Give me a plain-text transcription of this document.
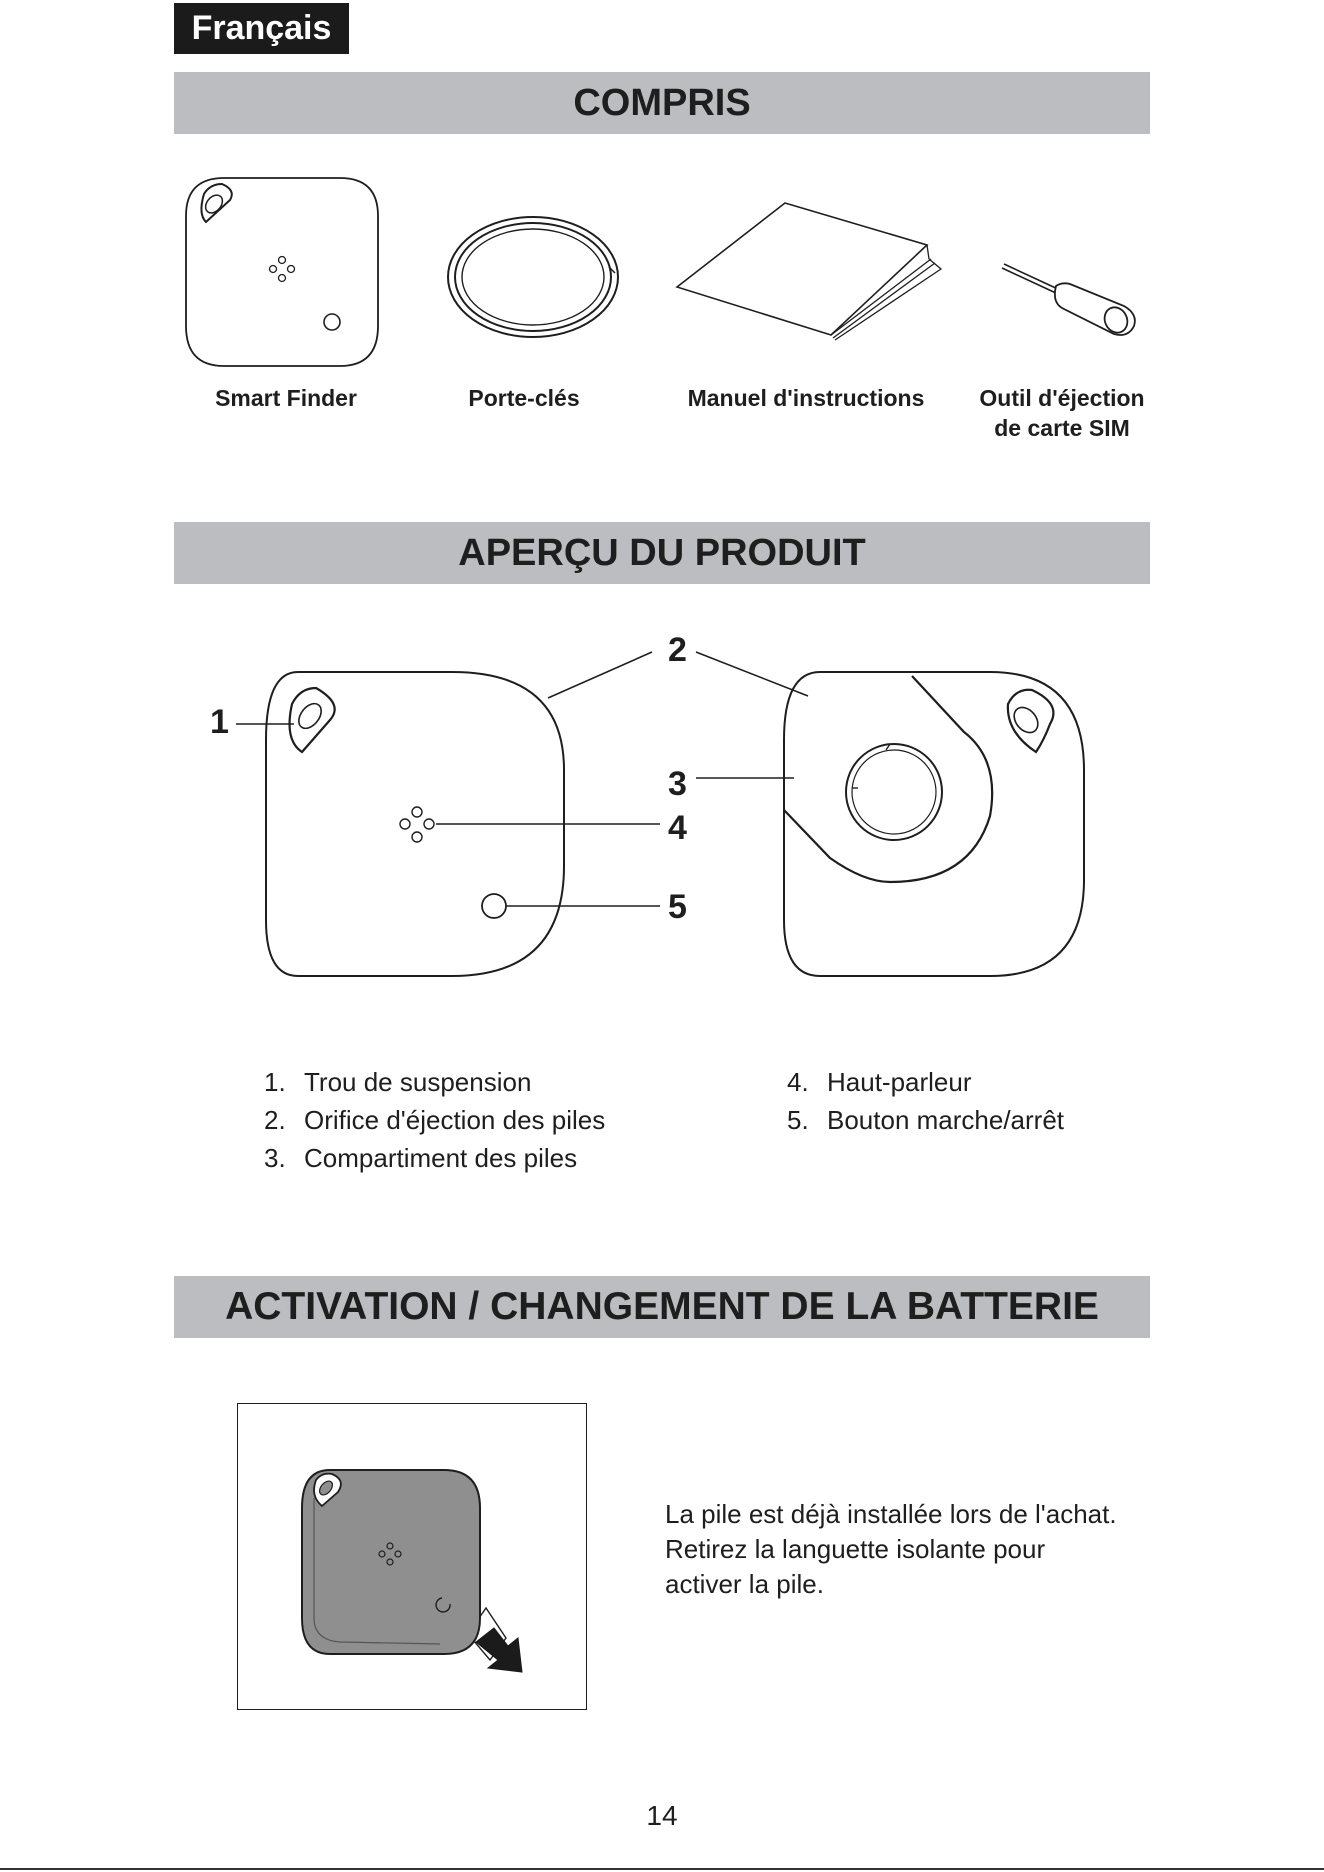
Français
COMPRIS
Smart Finder	Porte-clés	Manuel d'instructions	Outil d'éjection
de carte SIM
APERÇU DU PRODUIT
1
2
3
4
5
1. Trou de suspension
2. Orifice d'éjection des piles
3. Compartiment des piles
4. Haut-parleur
5. Bouton marche/arrêt
ACTIVATION / CHANGEMENT DE LA BATTERIE
La pile est déjà installée lors de l'achat.
Retirez la languette isolante pour
activer la pile.
14
